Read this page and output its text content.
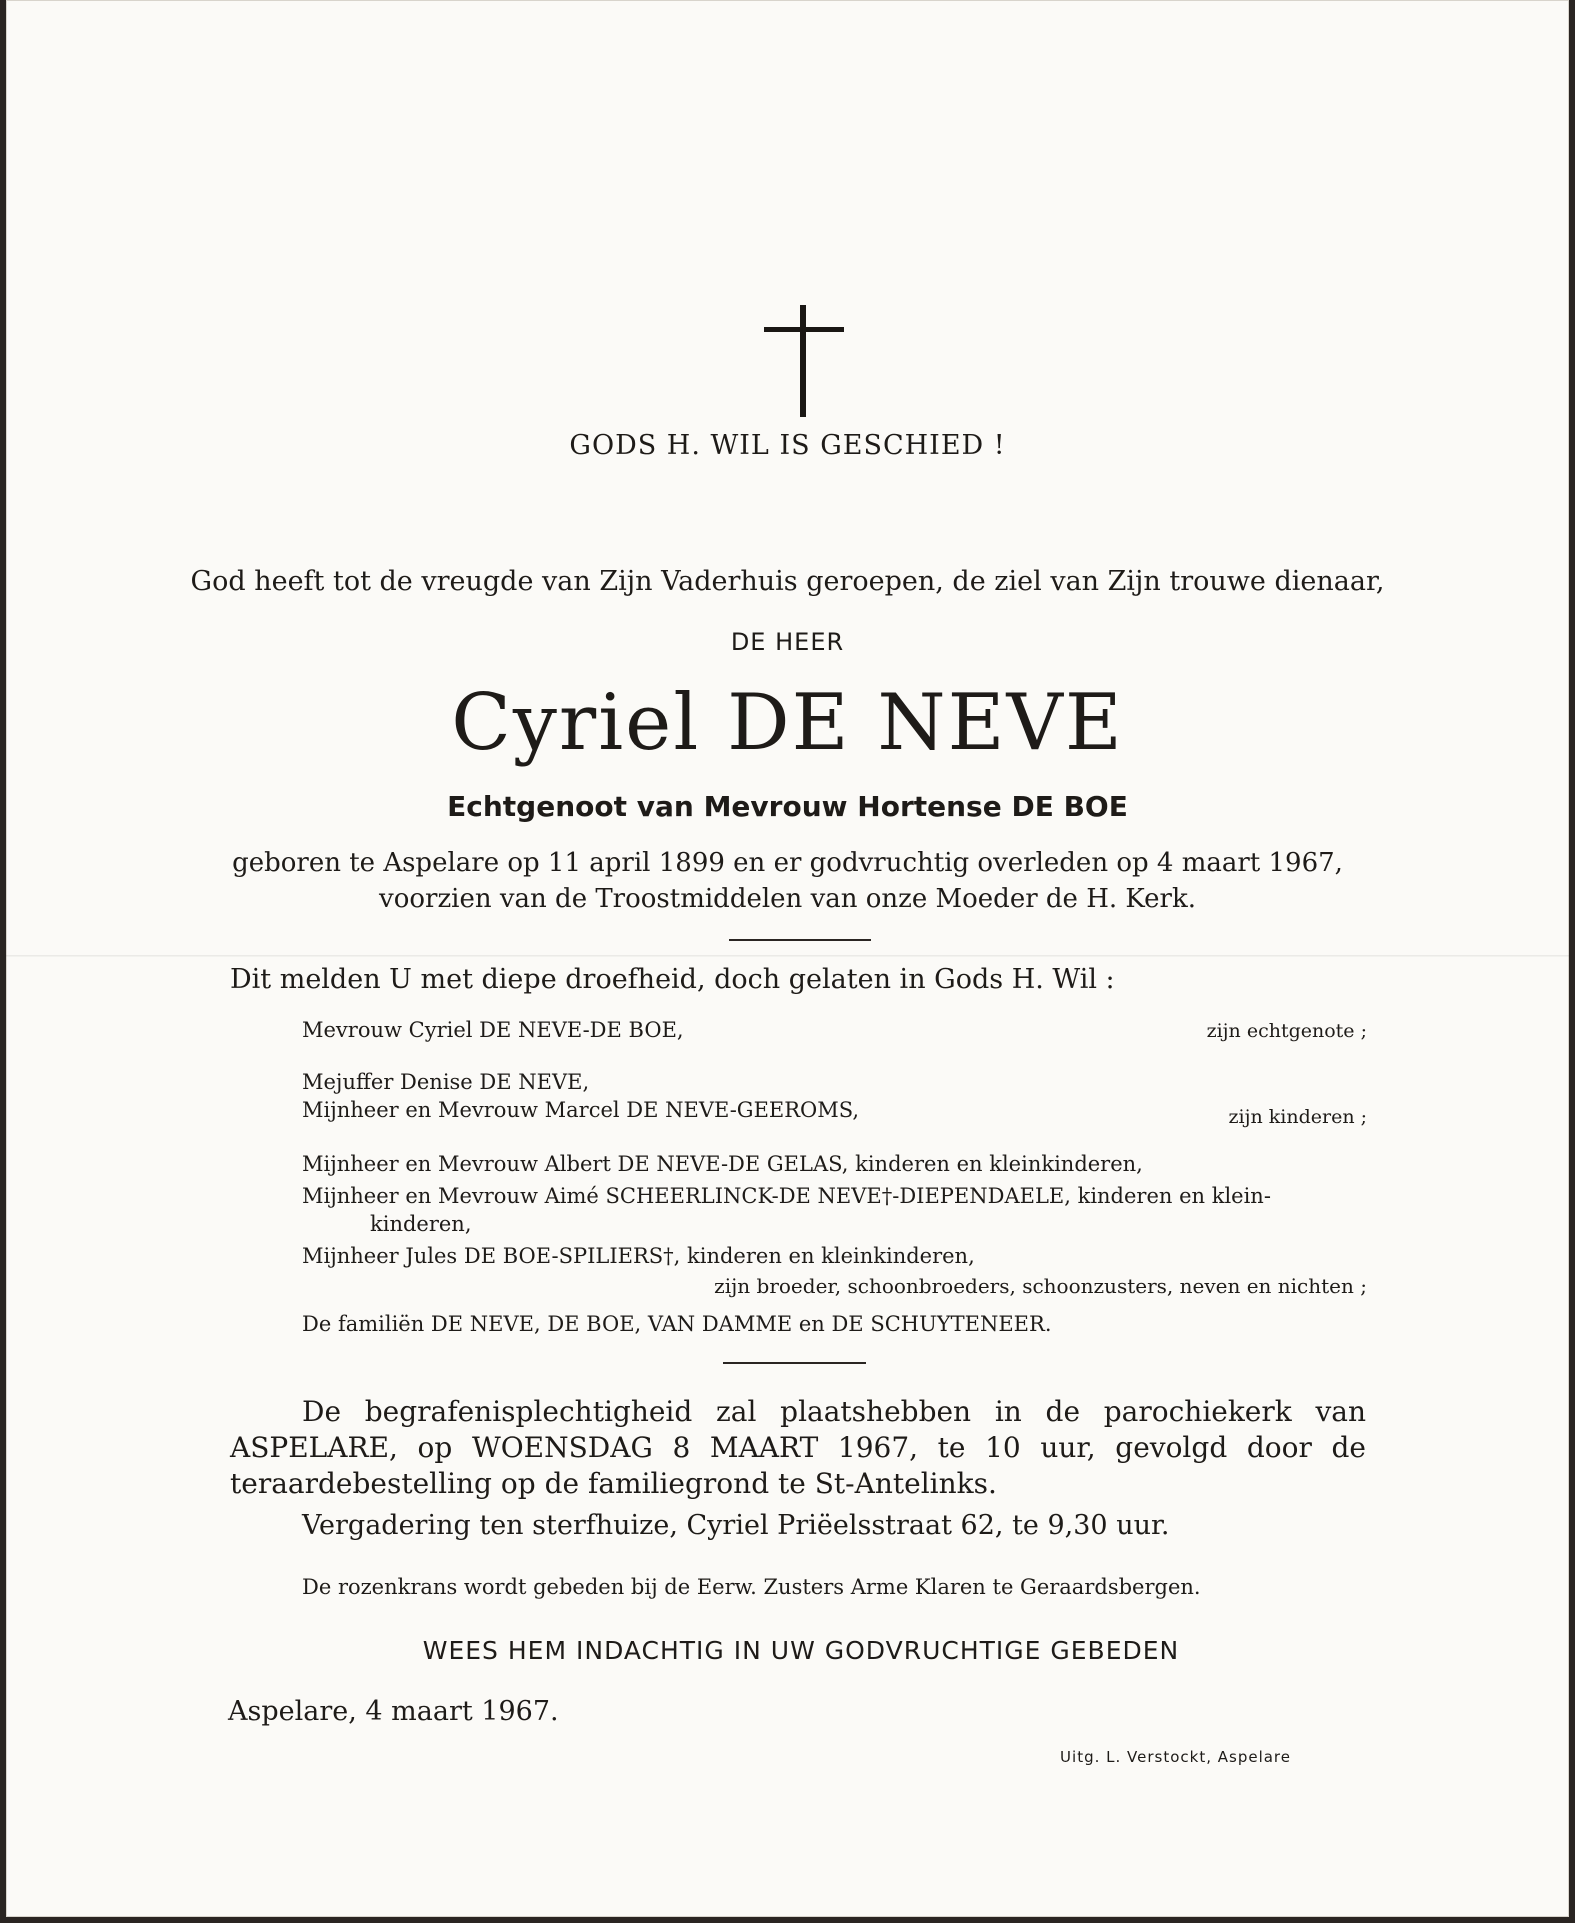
GODS H. WIL IS GESCHIED !
God heeft tot de vreugde van Zijn Vaderhuis geroepen, de ziel van Zijn trouwe dienaar,
DE HEER
Cyriel DE NEVE
Echtgenoot van Mevrouw Hortense DE BOE
geboren te Aspelare op 11 april 1899 en er godvruchtig overleden op 4 maart 1967,
voorzien van de Troostmiddelen van onze Moeder de H. Kerk.
Dit melden U met diepe droefheid, doch gelaten in Gods H. Wil :
Mevrouw Cyriel DE NEVE-DE BOE,	zijn echtgenote ;
Mejuffer Denise DE NEVE,
Mijnheer en Mevrouw Marcel DE NEVE-GEEROMS,	zijn kinderen ;
Mijnheer en Mevrouw Albert DE NEVE-DE GELAS, kinderen en kleinkinderen,
Mijnheer en Mevrouw Aimé SCHEERLINCK-DE NEVE†-DIEPENDAELE, kinderen en klein-
kinderen,
Mijnheer Jules DE BOE-SPILIERS†, kinderen en kleinkinderen,
zijn broeder, schoonbroeders, schoonzusters, neven en nichten ;
De familiën DE NEVE, DE BOE, VAN DAMME en DE SCHUYTENEER.
De begrafenisplechtigheid zal plaatshebben in de parochiekerk van ASPELARE, op WOENSDAG 8 MAART 1967, te 10 uur, gevolgd door de teraardebestelling op de familiegrond te St-Antelinks.
Vergadering ten sterfhuize, Cyriel Priëelsstraat 62, te 9,30 uur.
De rozenkrans wordt gebeden bij de Eerw. Zusters Arme Klaren te Geraardsbergen.
WEES HEM INDACHTIG IN UW GODVRUCHTIGE GEBEDEN
Aspelare, 4 maart 1967.
Uitg. L. Verstockt, Aspelare
